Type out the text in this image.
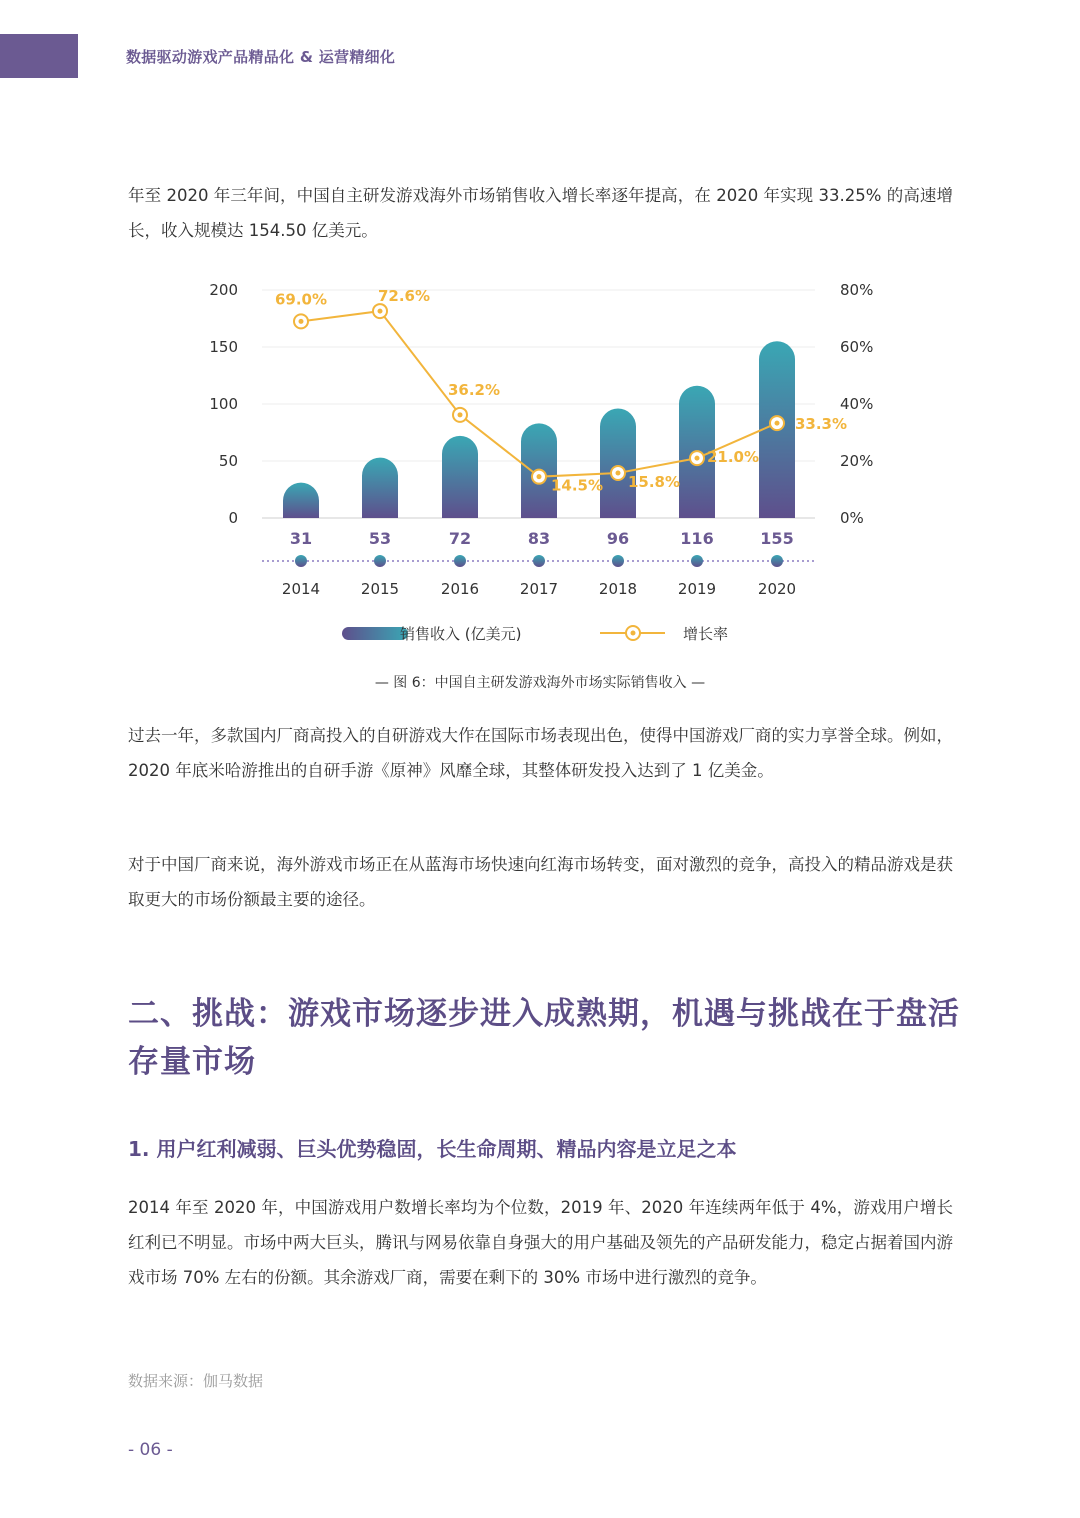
数据驱动游戏产品精品化 & 运营精细化

年至 2020 年三年间，中国自主研发游戏海外市场销售收入增长率逐年提高，在 2020 年实现 33.25% 的高速增长，收入规模达 154.50 亿美元。

0
50
100
150
200
0%
20%
40%
60%
80%
31	53	72	83	96	116	155
69.0%	72.6%
36.2%
14.5% 15.8%
21.0%
33.3%
2014	2015	2016	2017	2018	2019	2020
销售收入 (亿美元)	增长率
— 图 6：中国自主研发游戏海外市场实际销售收入 —

过去一年，多款国内厂商高投入的自研游戏大作在国际市场表现出色，使得中国游戏厂商的实力享誉全球。例如，2020 年底米哈游推出的自研手游《原神》风靡全球，其整体研发投入达到了 1 亿美金。

对于中国厂商来说，海外游戏市场正在从蓝海市场快速向红海市场转变，面对激烈的竞争，高投入的精品游戏是获取更大的市场份额最主要的途径。

二、挑战：游戏市场逐步进入成熟期，机遇与挑战在于盘活存量市场
1. 用户红利减弱、巨头优势稳固，长生命周期、精品内容是立足之本

2014 年至 2020 年，中国游戏用户数增长率均为个位数，2019 年、2020 年连续两年低于 4%，游戏用户增长红利已不明显。市场中两大巨头，腾讯与网易依靠自身强大的用户基础及领先的产品研发能力，稳定占据着国内游戏市场 70% 左右的份额。其余游戏厂商，需要在剩下的 30% 市场中进行激烈的竞争。

数据来源：伽马数据
- 06 -
